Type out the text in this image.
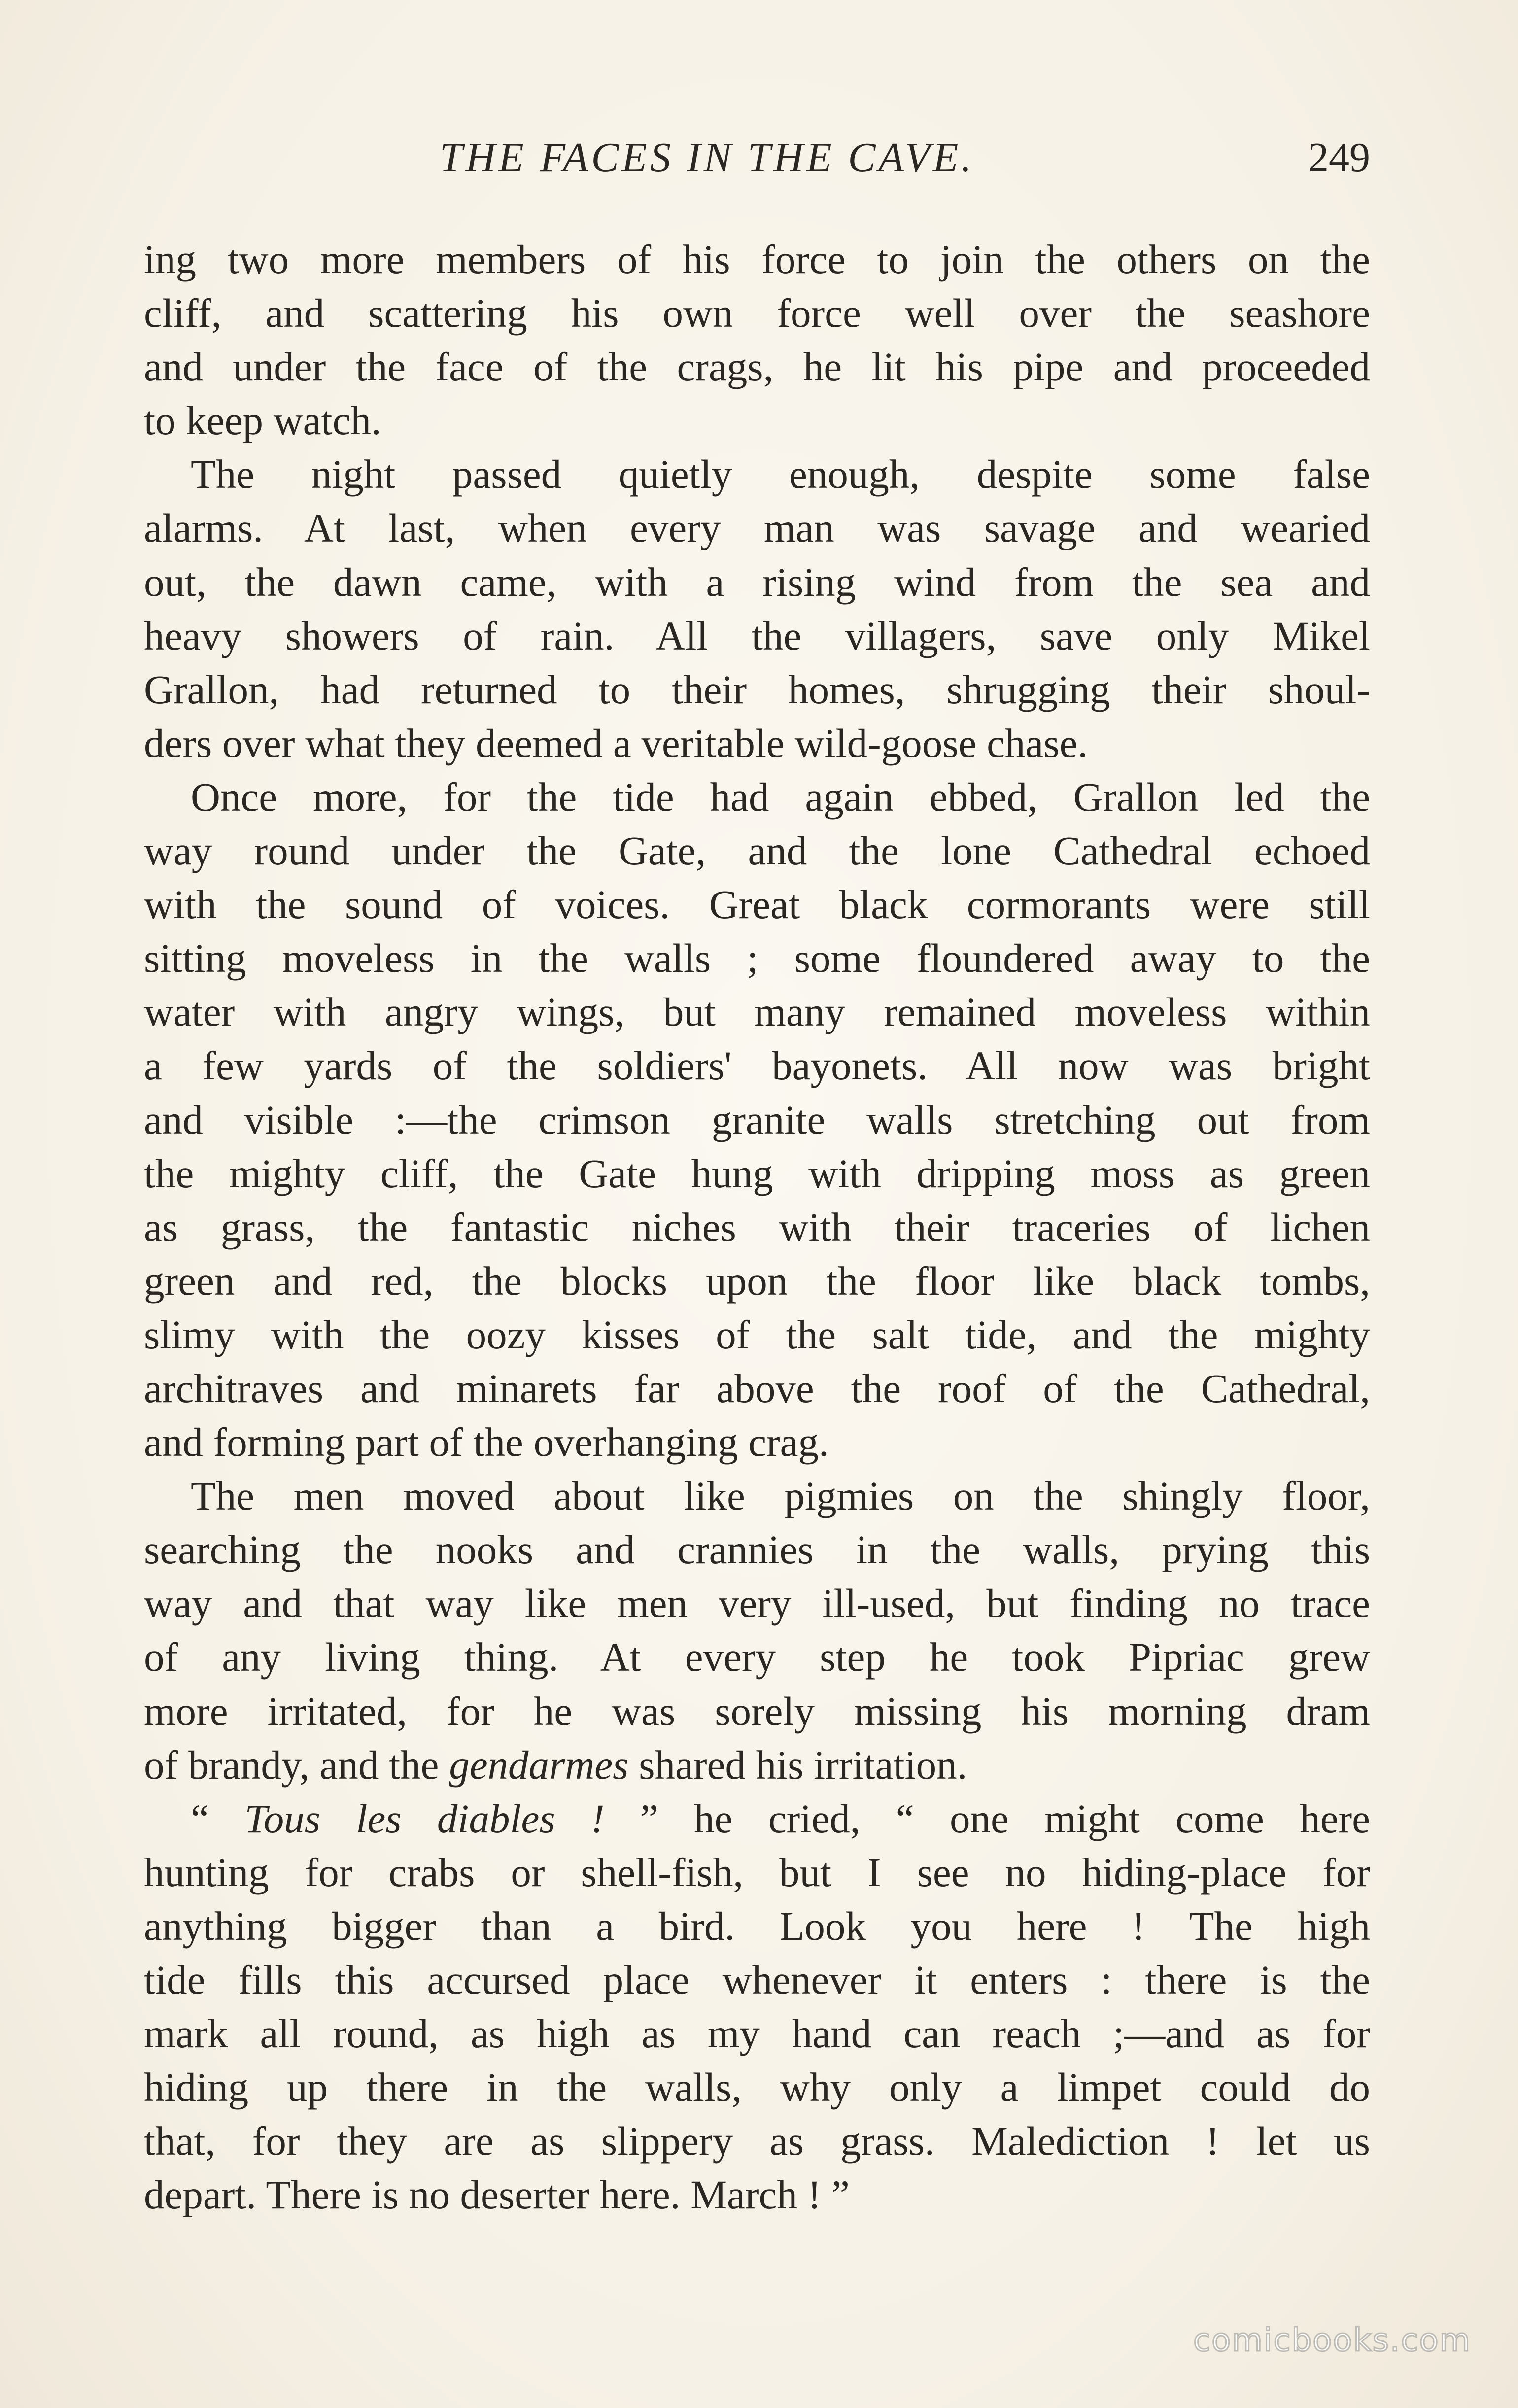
THE FACES IN THE CAVE.	249
ing two more members of his force to join the others on the
cliff, and scattering his own force well over the seashore
and under the face of the crags, he lit his pipe and proceeded
to keep watch.
The night passed quietly enough, despite some false
alarms. At last, when every man was savage and wearied
out, the dawn came, with a rising wind from the sea and
heavy showers of rain. All the villagers, save only Mikel
Grallon, had returned to their homes, shrugging their shoul-
ders over what they deemed a veritable wild-goose chase.
Once more, for the tide had again ebbed, Grallon led the
way round under the Gate, and the lone Cathedral echoed
with the sound of voices. Great black cormorants were still
sitting moveless in the walls ; some floundered away to the
water with angry wings, but many remained moveless within
a few yards of the soldiers' bayonets. All now was bright
and visible :—the crimson granite walls stretching out from
the mighty cliff, the Gate hung with dripping moss as green
as grass, the fantastic niches with their traceries of lichen
green and red, the blocks upon the floor like black tombs,
slimy with the oozy kisses of the salt tide, and the mighty
architraves and minarets far above the roof of the Cathedral,
and forming part of the overhanging crag.
The men moved about like pigmies on the shingly floor,
searching the nooks and crannies in the walls, prying this
way and that way like men very ill-used, but finding no trace
of any living thing. At every step he took Pipriac grew
more irritated, for he was sorely missing his morning dram
of brandy, and the gendarmes shared his irritation.
“ Tous les diables ! ” he cried, “ one might come here
hunting for crabs or shell-fish, but I see no hiding-place for
anything bigger than a bird. Look you here ! The high
tide fills this accursed place whenever it enters : there is the
mark all round, as high as my hand can reach ;—and as for
hiding up there in the walls, why only a limpet could do
that, for they are as slippery as grass. Malediction ! let us
depart. There is no deserter here. March ! ”
comicbooks.com
